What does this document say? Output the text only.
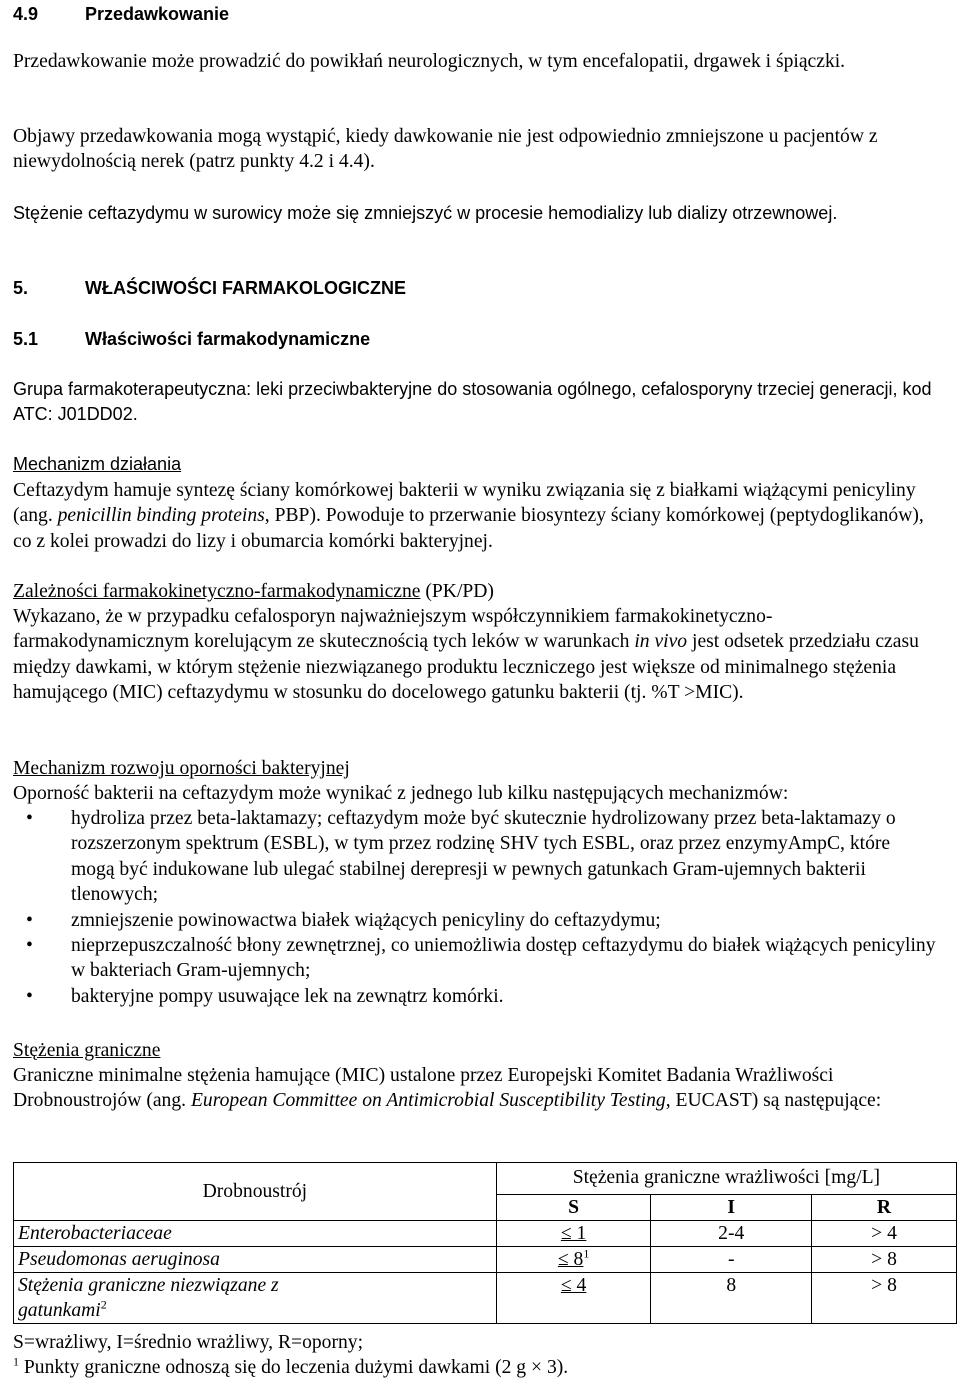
4.9	Przedawkowanie

Przedawkowanie może prowadzić do powikłań neurologicznych, w tym encefalopatii, drgawek i śpiączki.

Objawy przedawkowania mogą wystąpić, kiedy dawkowanie nie jest odpowiednio zmniejszone u pacjentów z niewydolnością nerek (patrz punkty 4.2 i 4.4).

Stężenie ceftazydymu w surowicy może się zmniejszyć w procesie hemodializy lub dializy otrzewnowej.

5.	WŁAŚCIWOŚCI FARMAKOLOGICZNE
5.1	Właściwości farmakodynamiczne

Grupa farmakoterapeutyczna: leki przeciwbakteryjne do stosowania ogólnego, cefalosporyny trzeciej generacji, kod ATC: J01DD02.

Mechanizm działania

Ceftazydym hamuje syntezę ściany komórkowej bakterii w wyniku związania się z białkami wiążącymi penicyliny (ang. penicillin binding proteins, PBP). Powoduje to przerwanie biosyntezy ściany komórkowej (peptydoglikanów), co z kolei prowadzi do lizy i obumarcia komórki bakteryjnej.

Zależności farmakokinetyczno-farmakodynamiczne (PK/PD)

Wykazano, że w przypadku cefalosporyn najważniejszym współczynnikiem farmakokinetyczno-farmakodynamicznym korelującym ze skutecznością tych leków w warunkach in vivo jest odsetek przedziału czasu między dawkami, w którym stężenie niezwiązanego produktu leczniczego jest większe od minimalnego stężenia hamującego (MIC) ceftazydymu w stosunku do docelowego gatunku bakterii (tj. %T >MIC).

Mechanizm rozwoju oporności bakteryjnej

Oporność bakterii na ceftazydym może wynikać z jednego lub kilku następujących mechanizmów:

• hydroliza przez beta-laktamazy; ceftazydym może być skutecznie hydrolizowany przez beta-laktamazy o rozszerzonym spektrum (ESBL), w tym przez rodzinę SHV tych ESBL, oraz przez enzymyAmpC, które mogą być indukowane lub ulegać stabilnej derepresji w pewnych gatunkach Gram-ujemnych bakterii tlenowych;
• zmniejszenie powinowactwa białek wiążących penicyliny do ceftazydymu;
• nieprzepuszczalność błony zewnętrznej, co uniemożliwia dostęp ceftazydymu do białek wiążących penicyliny w bakteriach Gram-ujemnych;
• bakteryjne pompy usuwające lek na zewnątrz komórki.
Stężenia graniczne

Graniczne minimalne stężenia hamujące (MIC) ustalone przez Europejski Komitet Badania Wrażliwości Drobnoustrojów (ang. European Committee on Antimicrobial Susceptibility Testing, EUCAST) są następujące:

Drobnoustrój	Stężenia graniczne wrażliwości [mg/L]		
	S	I	R
Enterobacteriaceae	≤ 1	2-4	> 4
Pseudomonas aeruginosa	≤ $8^1$	-	> 8
Stężenia graniczne niezwiązane z gatunkami$^2$	≤ 4	8	> 8

S=wrażliwy, I=średnio wrażliwy, R=oporny;

$^1$ Punkty graniczne odnoszą się do leczenia dużymi dawkami (2 g × 3).
